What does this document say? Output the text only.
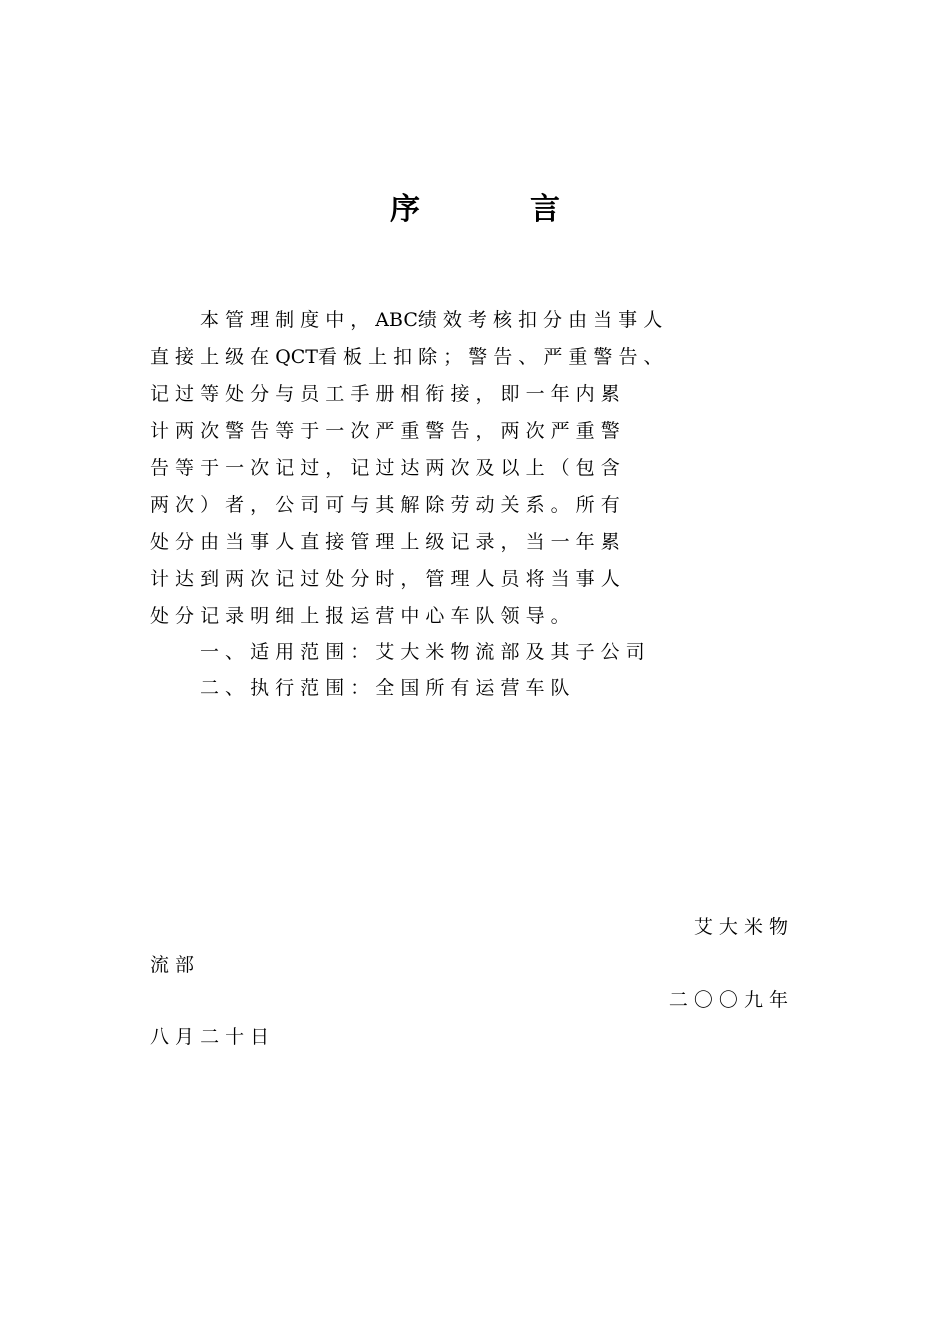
序　言
本 管 理 制 度 中 ， ABC绩 效 考 核 扣 分 由 当 事 人
直 接 上 级 在 QCT看 板 上 扣 除 ； 警 告 、 严 重 警 告 、
记 过 等 处 分 与 员 工 手 册 相 衔 接 ， 即 一 年 内 累
计 两 次 警 告 等 于 一 次 严 重 警 告 ， 两 次 严 重 警
告 等 于 一 次 记 过 ， 记 过 达 两 次 及 以 上 （ 包 含
两 次 ） 者 ， 公 司 可 与 其 解 除 劳 动 关 系 。 所 有
处 分 由 当 事 人 直 接 管 理 上 级 记 录 ， 当 一 年 累
计 达 到 两 次 记 过 处 分 时 ， 管 理 人 员 将 当 事 人
处 分 记 录 明 细 上 报 运 营 中 心 车 队 领 导 。
一 、 适 用 范 围 ： 艾 大 米 物 流 部 及 其 子 公 司
二 、 执 行 范 围 ： 全 国 所 有 运 营 车 队
艾 大 米 物
流 部
二 〇 〇 九 年
八 月 二 十 日
